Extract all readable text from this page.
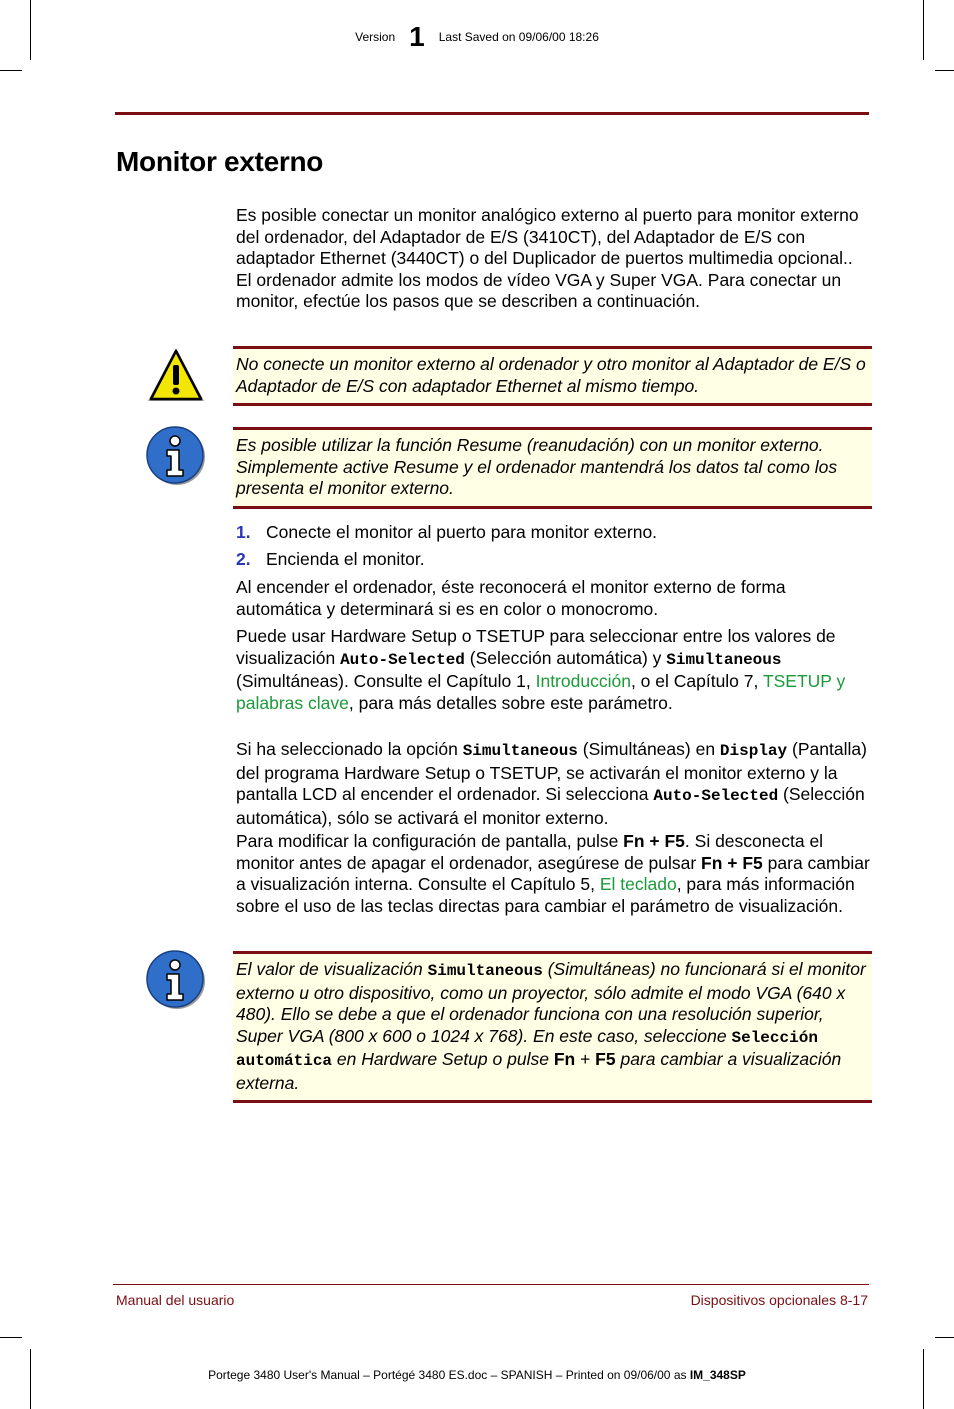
Version 1 Last Saved on 09/06/00 18:26
Monitor externo

Es posible conectar un monitor analógico externo al puerto para monitor externo del ordenador, del Adaptador de E/S (3410CT), del Adaptador de E/S con adaptador Ethernet (3440CT) o del Duplicador de puertos multimedia opcional.. El ordenador admite los modos de vídeo VGA y Super VGA. Para conectar un monitor, efectúe los pasos que se describen a continuación.

No conecte un monitor externo al ordenador y otro monitor al Adaptador de E/S o Adaptador de E/S con adaptador Ethernet al mismo tiempo.

Es posible utilizar la función Resume (reanudación) con un monitor externo. Simplemente active Resume y el ordenador mantendrá los datos tal como los presenta el monitor externo.

1. Conecte el monitor al puerto para monitor externo.
2. Encienda el monitor.

Al encender el ordenador, éste reconocerá el monitor externo de forma automática y determinará si es en color o monocromo.

Puede usar Hardware Setup o TSETUP para seleccionar entre los valores de visualización Auto-Selected (Selección automática) y Simultaneous (Simultáneas). Consulte el Capítulo 1, Introducción, o el Capítulo 7, TSETUP y palabras clave, para más detalles sobre este parámetro.

Si ha seleccionado la opción Simultaneous (Simultáneas) en Display (Pantalla) del programa Hardware Setup o TSETUP, se activarán el monitor externo y la pantalla LCD al encender el ordenador. Si selecciona Auto-Selected (Selección automática), sólo se activará el monitor externo.

Para modificar la configuración de pantalla, pulse Fn + F5. Si desconecta el monitor antes de apagar el ordenador, asegúrese de pulsar Fn + F5 para cambiar a visualización interna. Consulte el Capítulo 5, El teclado, para más información sobre el uso de las teclas directas para cambiar el parámetro de visualización.

El valor de visualización Simultaneous (Simultáneas) no funcionará si el monitor externo u otro dispositivo, como un proyector, sólo admite el modo VGA (640 x 480). Ello se debe a que el ordenador funciona con una resolución superior, Super VGA (800 x 600 o 1024 x 768). En este caso, seleccione Selección automática en Hardware Setup o pulse Fn + F5 para cambiar a visualización externa.

Manual del usuario	Dispositivos opcionales 8-17
Portege 3480 User's Manual – Portégé 3480 ES.doc – SPANISH – Printed on 09/06/00 as IM_348SP
